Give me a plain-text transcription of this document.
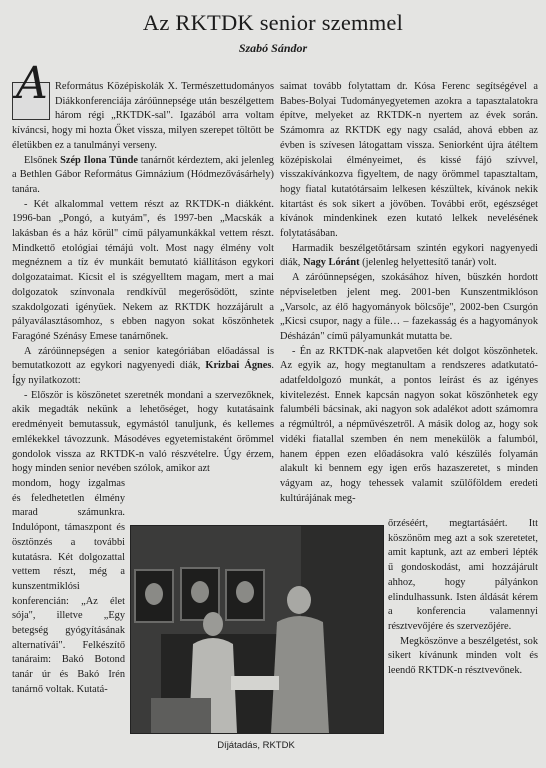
Az RKTDK senior szemmel
Szabó Sándor

A Református Középiskolák X. Természettudományos Diákkonferenciája záróünnepsége után beszélgettem három régi „RKTDK-sal". Igazából arra voltam kíváncsi, hogy mi hozta Őket vissza, milyen szerepet töltött be életükben ez a tanulmányi verseny.

Elsőnek Szép Ilona Tünde tanárnőt kérdeztem, aki jelenleg a Bethlen Gábor Református Gimnázium (Hódmezővásárhely) tanára.

- Két alkalommal vettem részt az RKTDK-n diákként. 1996-ban „Pongó, a kutyám", és 1997-ben „Macskák a lakásban és a ház körül" című pályamunkákkal vettem részt. Mindkettő etológiai témájú volt. Most nagy élmény volt megnéznem a tíz év munkáit bemutató kiállításon egykori dolgozataimat. Kicsit el is szégyelltem magam, mert a mai dolgozatok színvonala rendkívül megerősödött, szinte szakdolgozati igényűek. Nekem az RKTDK hozzájárult a pályaválasztásomhoz, s ebben nagyon sokat köszönhetek Faragóné Szénásy Emese tanárnőnek.

A záróünnepségen a senior kategóriában előadással is bemutatkozott az egykori nagyenyedi diák, Krizbai Ágnes. Így nyilatkozott:

- Először is köszönetet szeretnék mondani a szervezőknek, akik megadták nekünk a lehetőséget, hogy kutatásaink eredményeit bemutassuk, egymástól tanuljunk, és kellemes emlékekkel távozzunk. Másodéves egyetemistaként örömmel gondolok vissza az RKTDK-n való részvételre. Úgy érzem, hogy minden senior nevében szólok, amikor azt

mondom, hogy izgalmas és feledhetetlen élmény marad számunkra. Indulópont, támaszpont és ösztönzés a további kutatásra. Két dolgozattal vettem részt, még a kunszentmiklósi konferencián: „Az élet sója", illetve „Egy betegség gyógyításának alternatívái". Felkészítő tanáraim: Bakó Botond tanár úr és Bakó Irén tanárnő voltak. Kutatá-

saimat tovább folytattam dr. Kósa Ferenc segítségével a Babes-Bolyai Tudományegyetemen azokra a tapasztalatokra építve, melyeket az RKTDK-n nyertem az évek során. Számomra az RKTDK egy nagy család, ahová ebben az évben is szívesen látogattam vissza. Seniorként újra átéltem középiskolai élményeimet, és kissé fájó szívvel, visszakívánkozva figyeltem, de nagy örömmel tapasztaltam, hogy fiatal kutatótársaim lelkesen készültek, kívánok nekik kitartást és sok sikert a jövőben. További erőt, egészséget kívánok mindenkinek ezen kutató lelkek nevelésének folytatásában.

Harmadik beszélgetőtársam szintén egykori nagyenyedi diák, Nagy Lóránt (jelenleg helyettesítő tanár) volt.

A záróünnepségen, szokásához híven, büszkén hordott népviseletben jelent meg. 2001-ben Kunszentmiklóson „Varsolc, az élő hagyományok bölcsője", 2002-ben Csurgón „Kicsi csupor, nagy a füle… – fazekasság és a hagyományok Désházán" című pályamunkát mutatta be.

- Én az RKTDK-nak alapvetően két dolgot köszönhetek. Az egyik az, hogy megtanultam a rendszeres adatkutató-adatfeldolgozó munkát, a pontos leírást és az igényes kivitelezést. Ennek kapcsán nagyon sokat köszönhetek egy falumbéli bácsinak, aki nagyon sok adalékot adott számomra a régmúltról, a népművészetről. A másik dolog az, hogy sok vidéki fiatallal szemben én nem menekülök a falumból, hanem éppen ezen előadásokra való készülés folyamán alakult ki bennem egy igen erős hazaszeretet, s minden vágyam az, hogy tehessek valamit szülőföldem eredeti kultúrájának meg-

őrzéséért, megtartásáért. Itt köszönöm meg azt a sok szeretetet, amit kaptunk, azt az emberi lépték ű gondoskodást, ami hozzájárult ahhoz, hogy pályánkon elindulhassunk. Isten áldását kérem a konferencia valamennyi résztvevőjére és szervezőjére.

Megköszönve a beszélgetést, sok sikert kívánunk minden volt és leendő RKTDK-n résztvevőnek.

Díjátadás, RKTDK
